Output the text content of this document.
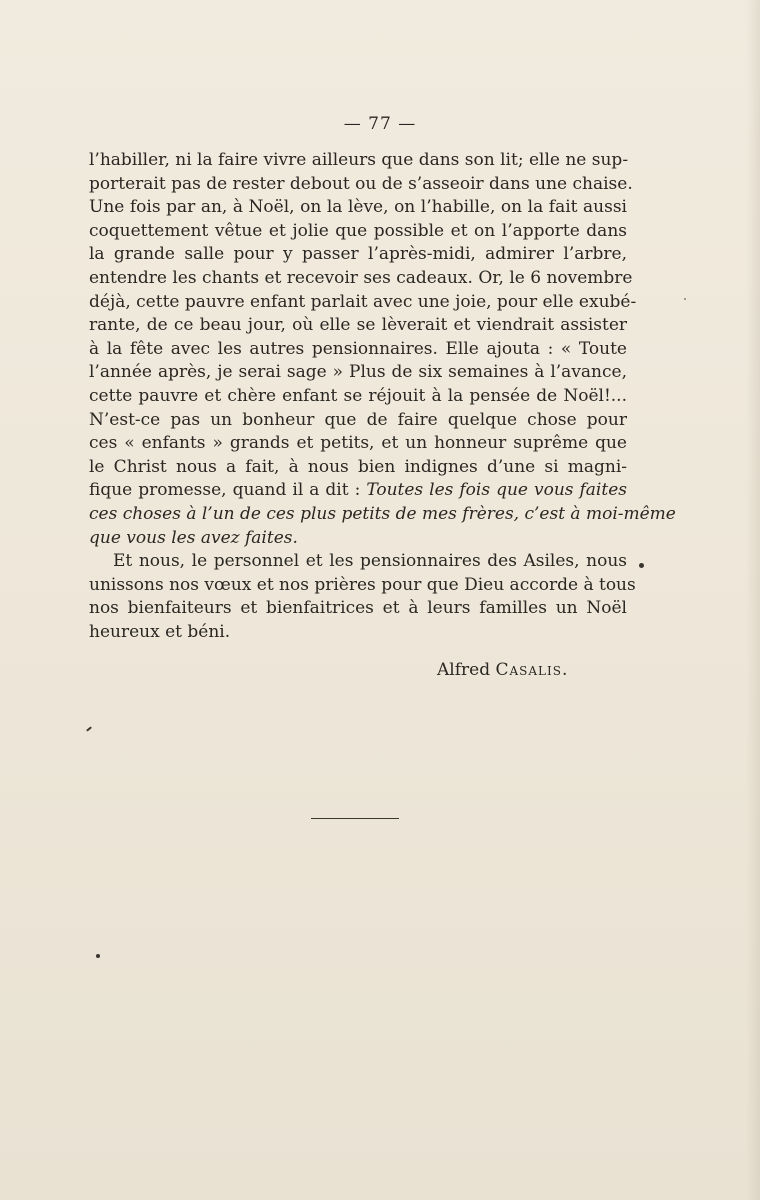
— 77 —
l’habiller, ni la faire vivre ailleurs que dans son lit; elle ne sup-
porterait pas de rester debout ou de s’asseoir dans une chaise.
Une fois par an, à Noël, on la lève, on l’habille, on la fait aussi
coquettement vêtue et jolie que possible et on l’apporte dans
la grande salle pour y passer l’après-midi, admirer l’arbre,
entendre les chants et recevoir ses cadeaux. Or, le 6 novembre
déjà, cette pauvre enfant parlait avec une joie, pour elle exubé-
rante, de ce beau jour, où elle se lèverait et viendrait assister
à la fête avec les autres pensionnaires. Elle ajouta : « Toute
l’année après, je serai sage » Plus de six semaines à l’avance,
cette pauvre et chère enfant se réjouit à la pensée de Noël!...
N’est-ce pas un bonheur que de faire quelque chose pour
ces « enfants » grands et petits, et un honneur suprême que
le Christ nous a fait, à nous bien indignes d’une si magni-
fique promesse, quand il a dit : Toutes les fois que vous faites
ces choses à l’un de ces plus petits de mes frères, c’est à moi-même
que vous les avez faites.
Et nous, le personnel et les pensionnaires des Asiles, nous
unissons nos vœux et nos prières pour que Dieu accorde à tous
nos bienfaiteurs et bienfaitrices et à leurs familles un Noël
heureux et béni.
Alfred Casalis.
